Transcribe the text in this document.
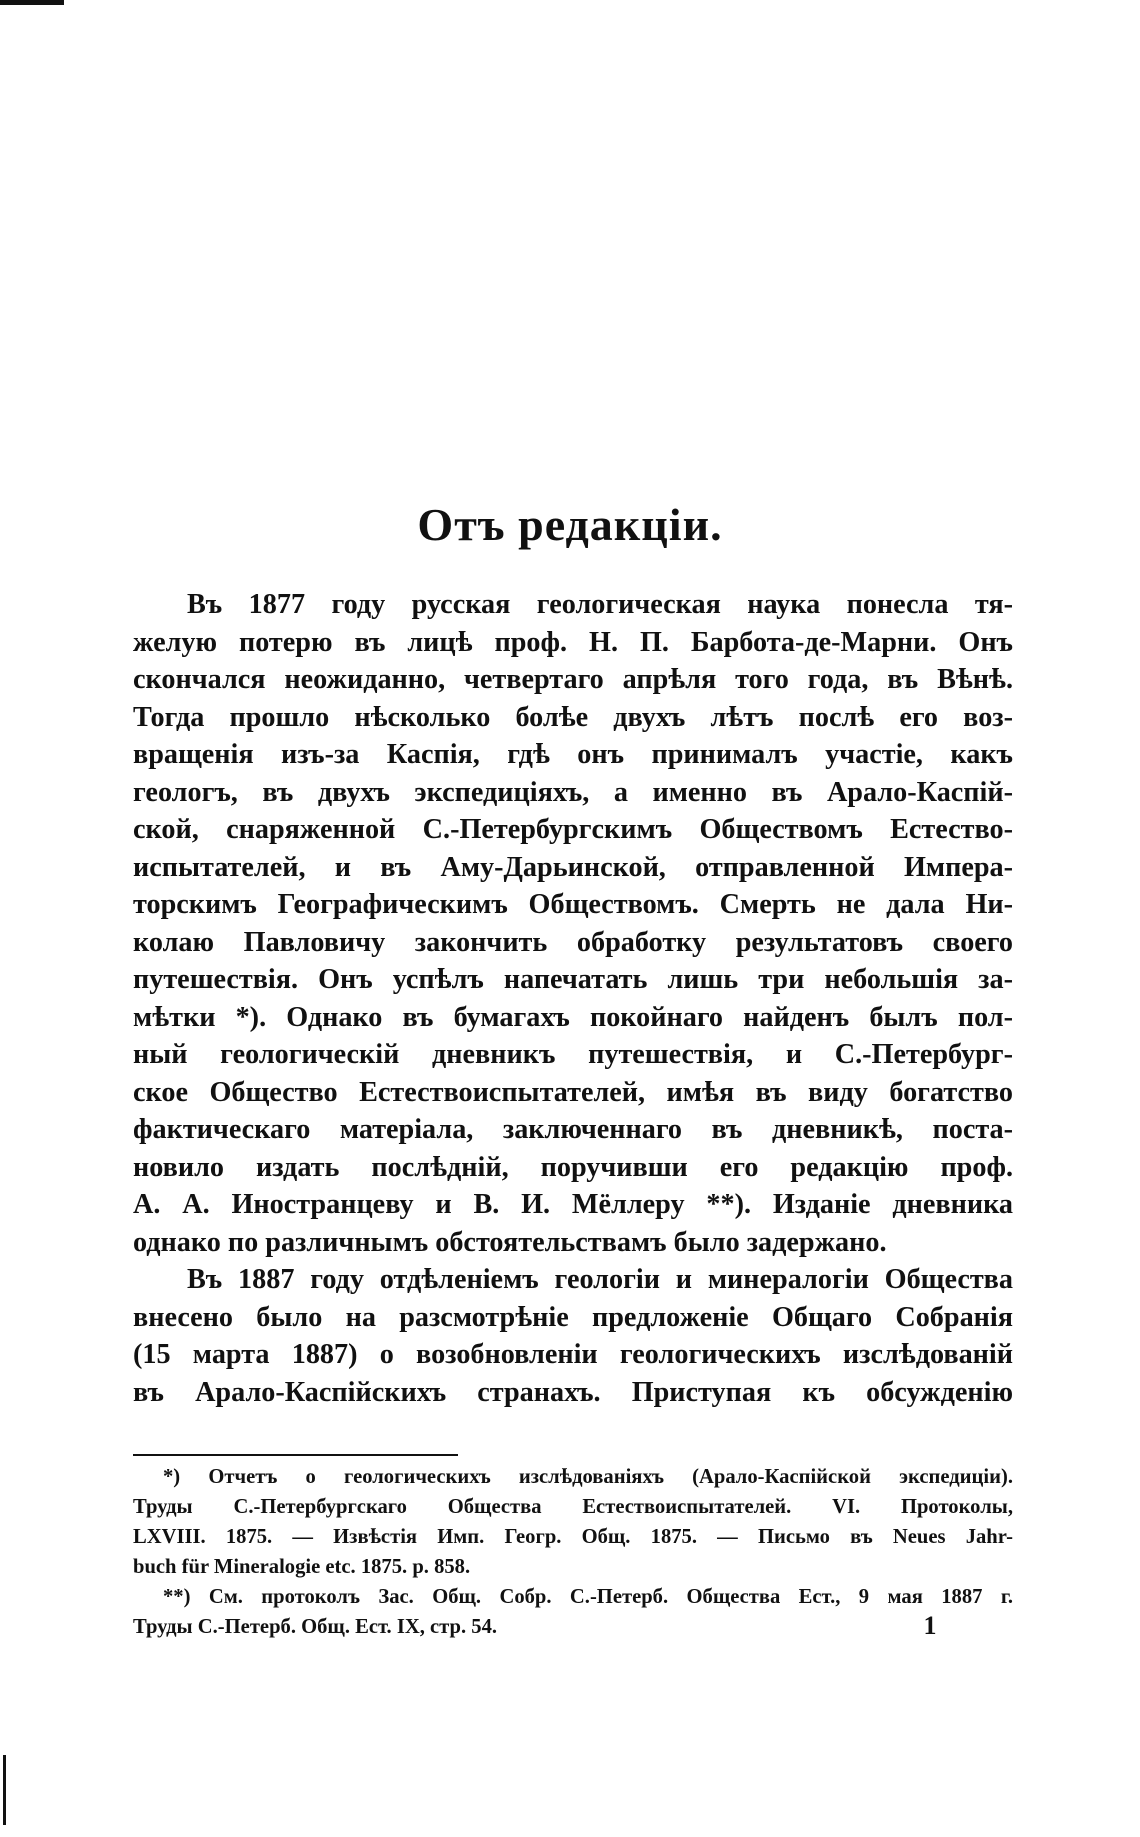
Отъ редакціи.
Въ 1877 году русская геологическая наука понесла тя-
желую потерю въ лицѣ проф. Н. П. Барбота-де-Марни. Онъ
скончался неожиданно, четвертаго апрѣля того года, въ Вѣнѣ.
Тогда прошло нѣсколько болѣе двухъ лѣтъ послѣ его воз-
вращенія изъ-за Каспія, гдѣ онъ принималъ участіе, какъ
геологъ, въ двухъ экспедиціяхъ, а именно въ Арало-Каспій-
ской, снаряженной С.-Петербургскимъ Обществомъ Естество-
испытателей, и въ Аму-Дарьинской, отправленной Импера-
торскимъ Географическимъ Обществомъ. Смерть не дала Ни-
колаю Павловичу закончить обработку результатовъ своего
путешествія. Онъ успѣлъ напечатать лишь три небольшія за-
мѣтки *). Однако въ бумагахъ покойнаго найденъ былъ пол-
ный геологическій дневникъ путешествія, и С.-Петербург-
ское Общество Естествоиспытателей, имѣя въ виду богатство
фактическаго матеріала, заключеннаго въ дневникѣ, поста-
новило издать послѣдній, поручивши его редакцію проф.
А. А. Иностранцеву и В. И. Мёллеру **). Изданіе дневника
однако по различнымъ обстоятельствамъ было задержано.
Въ 1887 году отдѣленіемъ геологіи и минералогіи Общества
внесено было на разсмотрѣніе предложеніе Общаго Собранія
(15 марта 1887) о возобновленіи геологическихъ изслѣдованій
въ Арало-Каспійскихъ странахъ. Приступая къ обсужденію
*) Отчетъ о геологическихъ изслѣдованіяхъ (Арало-Каспійской экспедиціи).
Труды С.-Петербургскаго Общества Естествоиспытателей. VI. Протоколы,
LXVIII. 1875. — Извѣстія Имп. Геогр. Общ. 1875. — Письмо въ Neues Jahr-
buch für Mineralogie etc. 1875. p. 858.
**) См. протоколъ Зас. Общ. Собр. С.-Петерб. Общества Ест., 9 мая 1887 г.
Труды С.-Петерб. Общ. Ест. IX, стр. 54.	1
